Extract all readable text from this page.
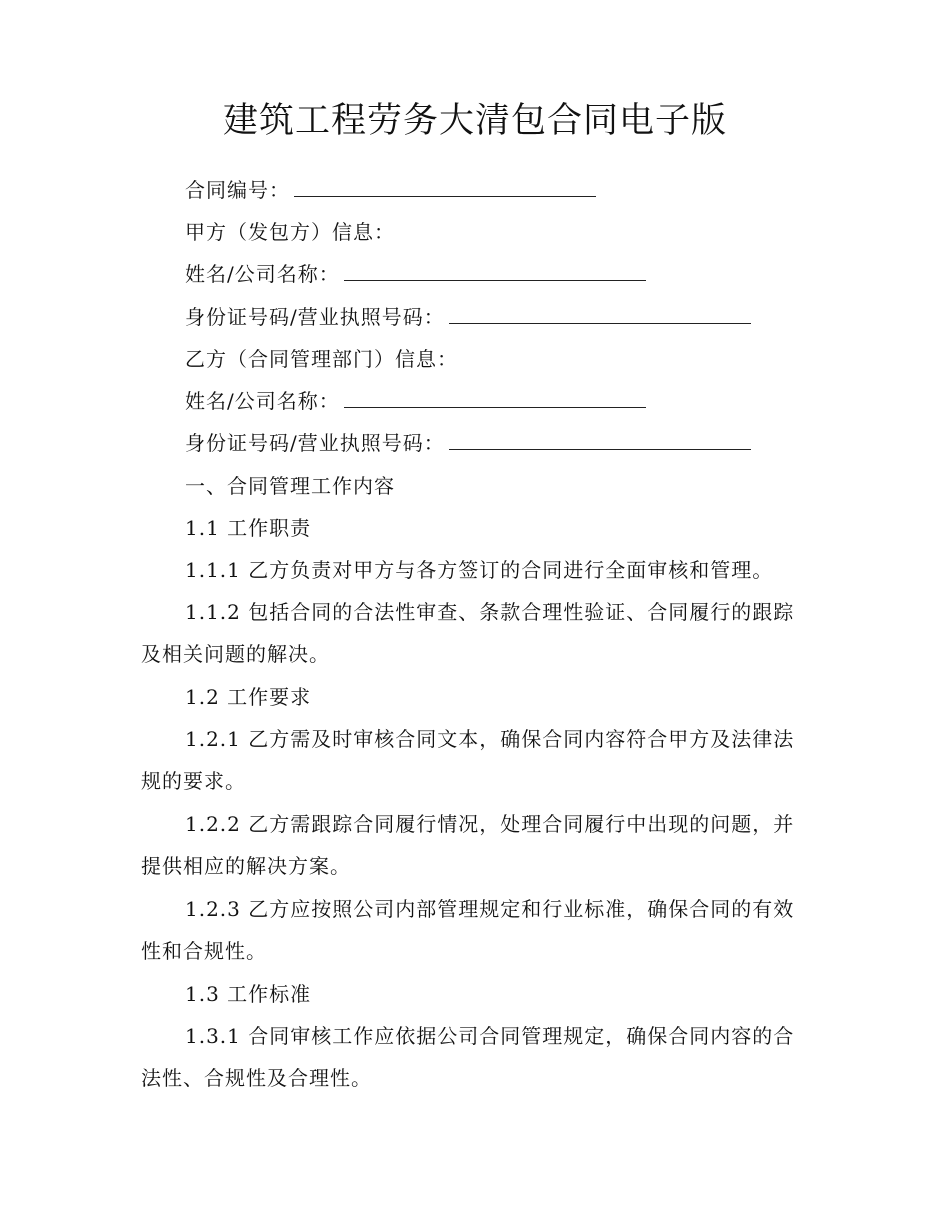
建筑工程劳务大清包合同电子版
合同编号：
甲方（发包方）信息：
姓名/公司名称：
身份证号码/营业执照号码：
乙方（合同管理部门）信息：
姓名/公司名称：
身份证号码/营业执照号码：
一、合同管理工作内容
1.1 工作职责
1.1.1 乙方负责对甲方与各方签订的合同进行全面审核和管理。

1.1.2 包括合同的合法性审查、条款合理性验证、合同履行的跟踪及相关问题的解决。

1.2 工作要求

1.2.1 乙方需及时审核合同文本，确保合同内容符合甲方及法律法规的要求。

1.2.2 乙方需跟踪合同履行情况，处理合同履行中出现的问题，并提供相应的解决方案。

1.2.3 乙方应按照公司内部管理规定和行业标准，确保合同的有效性和合规性。

1.3 工作标准

1.3.1 合同审核工作应依据公司合同管理规定，确保合同内容的合法性、合规性及合理性。
